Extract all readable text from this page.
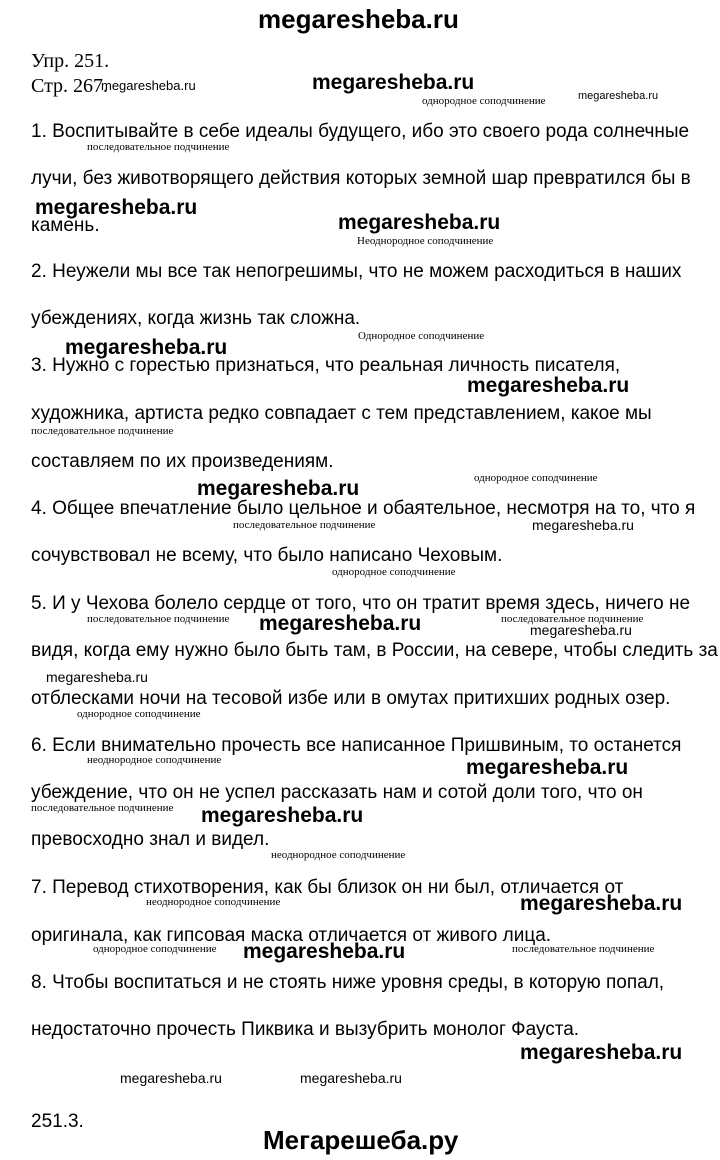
megaresheba.ru
Упр. 251.
Стр. 267.
megaresheba.ru	megaresheba.ru
megaresheba.ru
megaresheba.ru
megaresheba.ru
megaresheba.ru
megaresheba.ru
megaresheba.ru
megaresheba.ru
megaresheba.ru	megaresheba.ru
megaresheba.ru
megaresheba.ru
megaresheba.ru
megaresheba.ru
megaresheba.ru
megaresheba.ru
megaresheba.ru	megaresheba.ru
1. Воспитывайте в себе идеалы будущего, ибо это своего рода солнечные
лучи, без животворящего действия которых земной шар превратился бы в
камень.
2. Неужели мы все так непогрешимы, что не можем расходиться в наших
убеждениях, когда жизнь так сложна.
3. Нужно с горестью признаться, что реальная личность писателя,
художника, артиста редко совпадает с тем представлением, какое мы
составляем по их произведениям.
4. Общее впечатление было цельное и обаятельное, несмотря на то, что я
сочувствовал не всему, что было написано Чеховым.
5. И у Чехова болело сердце от того, что он тратит время здесь, ничего не
видя, когда ему нужно было быть там, в России, на севере, чтобы следить за
отблесками ночи на тесовой избе или в омутах притихших родных озер.
6. Если внимательно прочесть все написанное Пришвиным, то останется
убеждение, что он не успел рассказать нам и сотой доли того, что он
превосходно знал и видел.
7. Перевод стихотворения, как бы близок он ни был, отличается от
оригинала, как гипсовая маска отличается от живого лица.
8. Чтобы воспитаться и не стоять ниже уровня среды, в которую попал,
недостаточно прочесть Пиквика и вызубрить монолог Фауста.
251.3.
однородное соподчинение
последовательное подчинение
Неоднородное соподчинение
Однородное соподчинение
последовательное подчинение
однородное соподчинение
последовательное подчинение
однородное соподчинение
последовательное подчинение	последовательное подчинение
однородное соподчинение
неоднородное соподчинение
последовательное подчинение
неоднородное соподчинение
неоднородное соподчинение
однородное соподчинение	последовательное подчинение
Мегарешеба.ру
